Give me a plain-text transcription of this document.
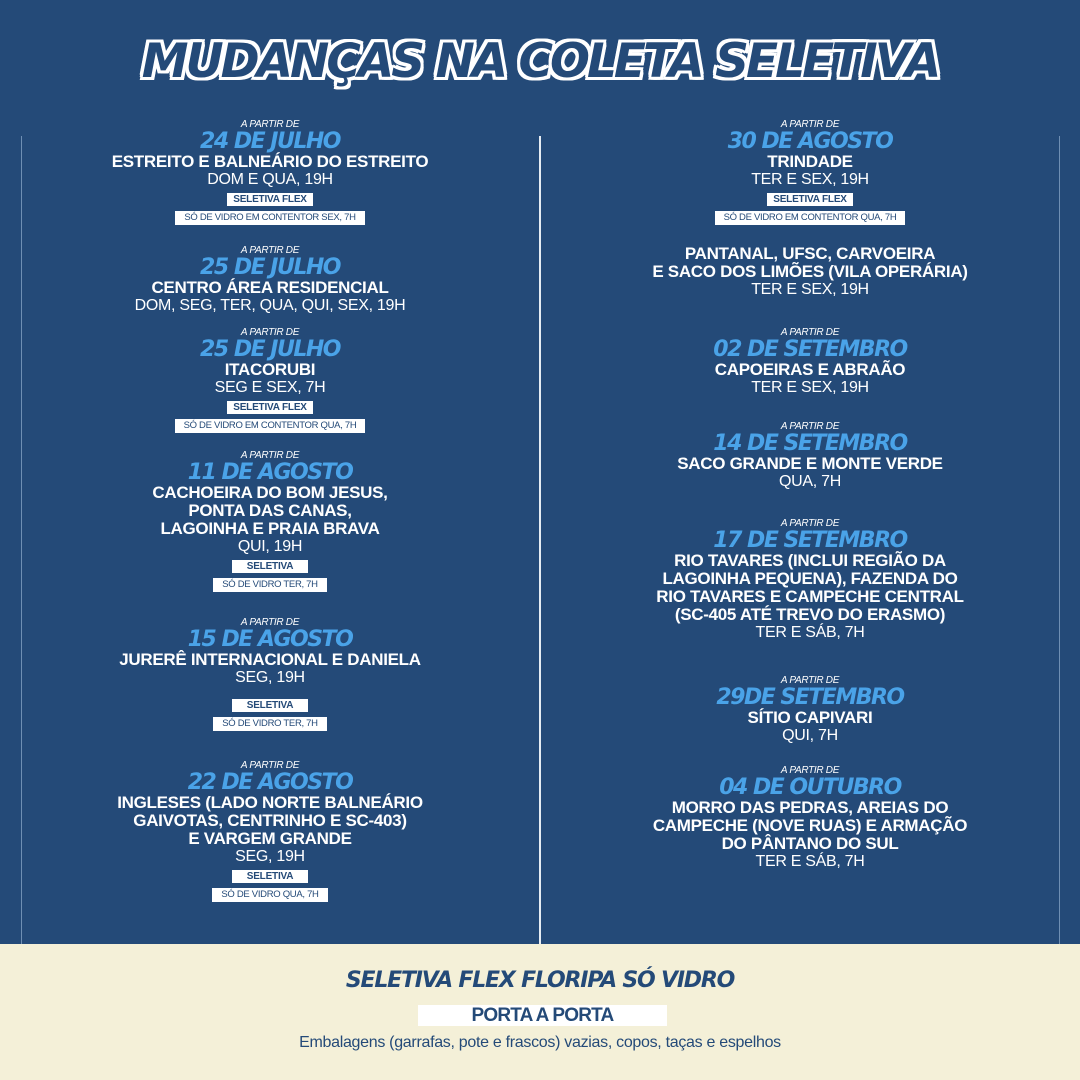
MUDANÇAS NA COLETA SELETIVA
A PARTIR DE
24 DE JULHO
ESTREITO E BALNEÁRIO DO ESTREITO
DOM E QUA, 19H
SELETIVA FLEX
SÓ DE VIDRO EM CONTENTOR SEX, 7H
A PARTIR DE
25 DE JULHO
CENTRO ÁREA RESIDENCIAL
DOM, SEG, TER, QUA, QUI, SEX, 19H
A PARTIR DE
25 DE JULHO
ITACORUBI
SEG E SEX, 7H
SELETIVA FLEX
SÓ DE VIDRO EM CONTENTOR QUA, 7H
A PARTIR DE
11 DE AGOSTO
CACHOEIRA DO BOM JESUS,
PONTA DAS CANAS,
LAGOINHA E PRAIA BRAVA
QUI, 19H
SELETIVA
SÓ DE VIDRO TER, 7H
A PARTIR DE
15 DE AGOSTO
JURERÊ INTERNACIONAL E DANIELA
SEG, 19H
SELETIVA
SÓ DE VIDRO TER, 7H
A PARTIR DE
22 DE AGOSTO
INGLESES (LADO NORTE BALNEÁRIO
GAIVOTAS, CENTRINHO E SC-403)
E VARGEM GRANDE
SEG, 19H
SELETIVA
SÓ DE VIDRO QUA, 7H
A PARTIR DE
30 DE AGOSTO
TRINDADE
TER E SEX, 19H
SELETIVA FLEX
SÓ DE VIDRO EM CONTENTOR QUA, 7H
PANTANAL, UFSC, CARVOEIRA
E SACO DOS LIMÕES (VILA OPERÁRIA)
TER E SEX, 19H
A PARTIR DE
02 DE SETEMBRO
CAPOEIRAS E ABRAÃO
TER E SEX, 19H
A PARTIR DE
14 DE SETEMBRO
SACO GRANDE E MONTE VERDE
QUA, 7H
A PARTIR DE
17 DE SETEMBRO
RIO TAVARES (INCLUI REGIÃO DA
LAGOINHA PEQUENA), FAZENDA DO
RIO TAVARES E CAMPECHE CENTRAL
(SC-405 ATÉ TREVO DO ERASMO)
TER E SÁB, 7H
A PARTIR DE
29DE SETEMBRO
SÍTIO CAPIVARI
QUI, 7H
A PARTIR DE
04 DE OUTUBRO
MORRO DAS PEDRAS, AREIAS DO
CAMPECHE (NOVE RUAS) E ARMAÇÃO
DO PÂNTANO DO SUL
TER E SÁB, 7H
SELETIVA FLEX FLORIPA SÓ VIDRO
PORTA A PORTA
Embalagens (garrafas, pote e frascos) vazias, copos, taças e espelhos
